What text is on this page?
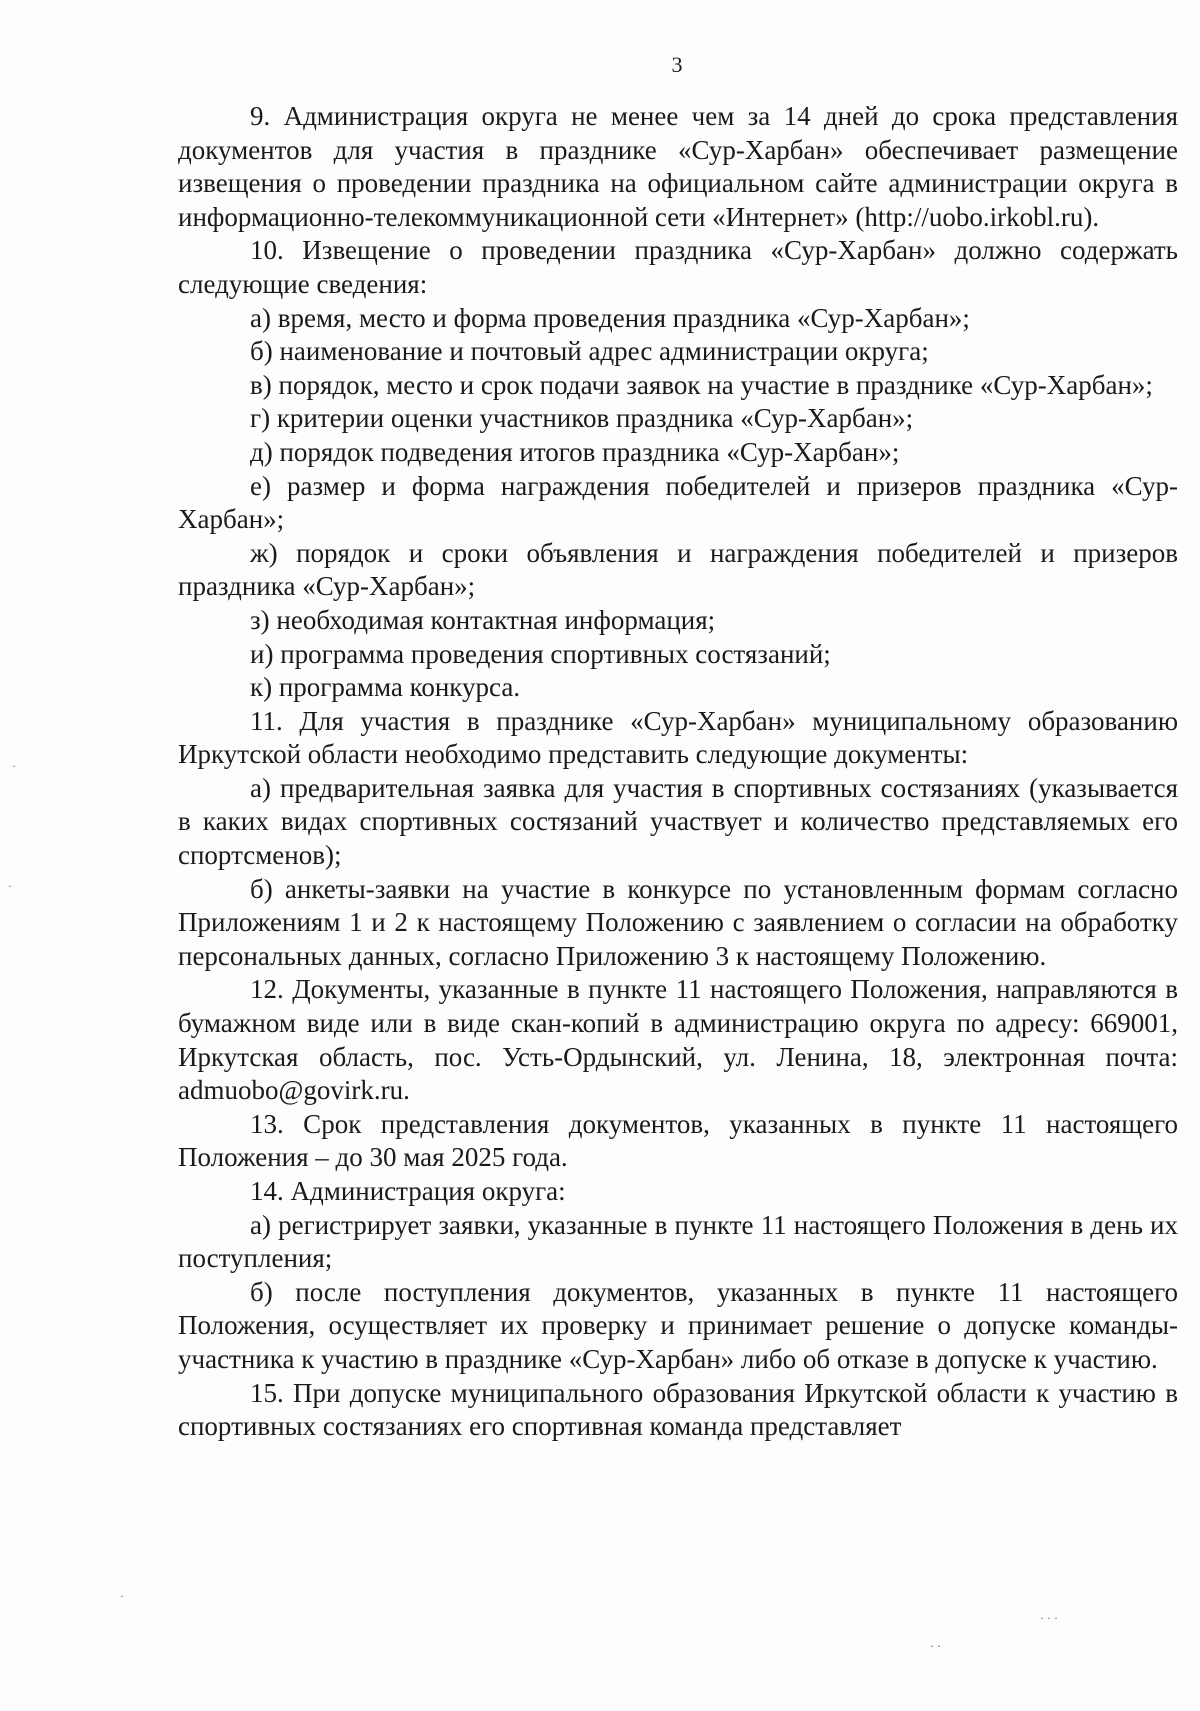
3

9. Администрация округа не менее чем за 14 дней до срока представления документов для участия в празднике «Сур-Харбан» обеспечивает размещение извещения о проведении праздника на официальном сайте администрации округа в информационно-телекоммуникационной сети «Интернет» (http://uobo.irkobl.ru).

10. Извещение о проведении праздника «Сур-Харбан» должно содержать следующие сведения:

а) время, место и форма проведения праздника «Сур-Харбан»;

б) наименование и почтовый адрес администрации округа;

в) порядок, место и срок подачи заявок на участие в празднике «Сур-Харбан»;

г) критерии оценки участников праздника «Сур-Харбан»;

д) порядок подведения итогов праздника «Сур-Харбан»;

е) размер и форма награждения победителей и призеров праздника «Сур-Харбан»;

ж) порядок и сроки объявления и награждения победителей и призеров праздника «Сур-Харбан»;

з) необходимая контактная информация;

и) программа проведения спортивных состязаний;

к) программа конкурса.

11. Для участия в празднике «Сур-Харбан» муниципальному образованию Иркутской области необходимо представить следующие документы:

а) предварительная заявка для участия в спортивных состязаниях (указывается в каких видах спортивных состязаний участвует и количество представляемых его спортсменов);

б) анкеты-заявки на участие в конкурсе по установленным формам согласно Приложениям 1 и 2 к настоящему Положению с заявлением о согласии на обработку персональных данных, согласно Приложению 3 к настоящему Положению.

12. Документы, указанные в пункте 11 настоящего Положения, направляются в бумажном виде или в виде скан-копий в администрацию округа по адресу: 669001, Иркутская область, пос. Усть-Ордынский, ул. Ленина, 18, электронная почта: admuobo@govirk.ru.

13. Срок представления документов, указанных в пункте 11 настоящего Положения – до 30 мая 2025 года.

14. Администрация округа:

а) регистрирует заявки, указанные в пункте 11 настоящего Положения в день их поступления;

б) после поступления документов, указанных в пункте 11 настоящего Положения, осуществляет их проверку и принимает решение о допуске команды-участника к участию в празднике «Сур-Харбан» либо об отказе в допуске к участию.

15. При допуске муниципального образования Иркутской области к участию в спортивных состязаниях его спортивная команда представляет

·
·
· ·
· · ·
·
